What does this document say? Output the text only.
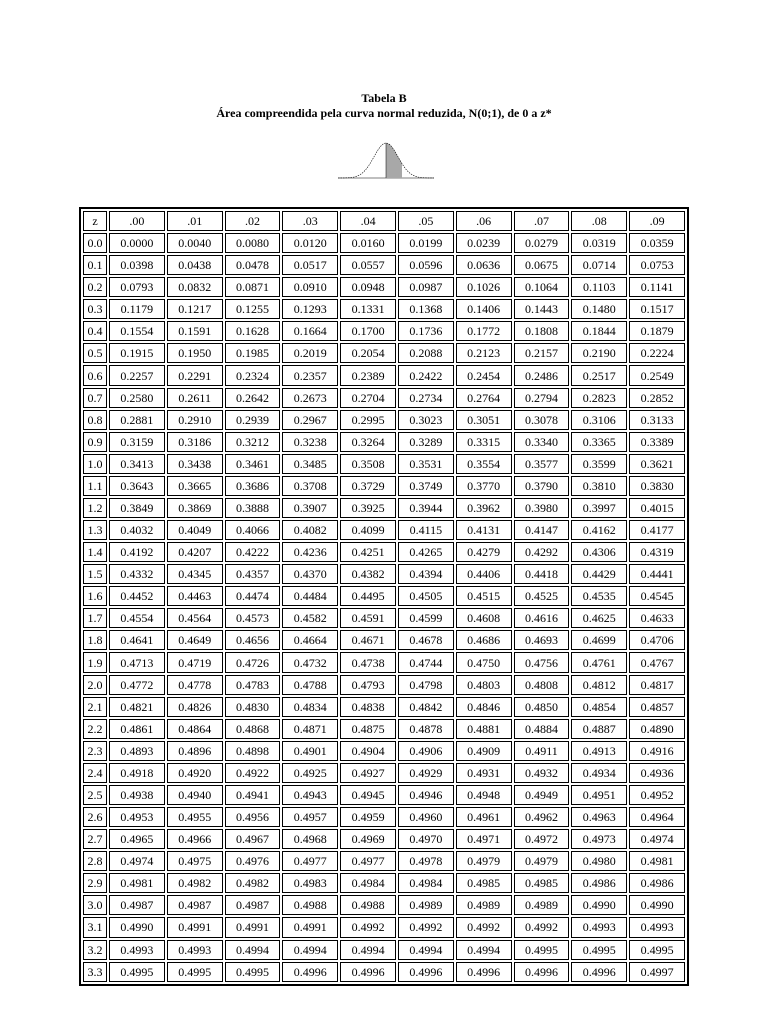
Tabela B
Área compreendida pela curva normal reduzida, N(0;1), de 0 a z*
z	.00	.01	.02	.03	.04	.05	.06	.07	.08	.09
0.0	0.0000	0.0040	0.0080	0.0120	0.0160	0.0199	0.0239	0.0279	0.0319	0.0359
0.1	0.0398	0.0438	0.0478	0.0517	0.0557	0.0596	0.0636	0.0675	0.0714	0.0753
0.2	0.0793	0.0832	0.0871	0.0910	0.0948	0.0987	0.1026	0.1064	0.1103	0.1141
0.3	0.1179	0.1217	0.1255	0.1293	0.1331	0.1368	0.1406	0.1443	0.1480	0.1517
0.4	0.1554	0.1591	0.1628	0.1664	0.1700	0.1736	0.1772	0.1808	0.1844	0.1879
0.5	0.1915	0.1950	0.1985	0.2019	0.2054	0.2088	0.2123	0.2157	0.2190	0.2224
0.6	0.2257	0.2291	0.2324	0.2357	0.2389	0.2422	0.2454	0.2486	0.2517	0.2549
0.7	0.2580	0.2611	0.2642	0.2673	0.2704	0.2734	0.2764	0.2794	0.2823	0.2852
0.8	0.2881	0.2910	0.2939	0.2967	0.2995	0.3023	0.3051	0.3078	0.3106	0.3133
0.9	0.3159	0.3186	0.3212	0.3238	0.3264	0.3289	0.3315	0.3340	0.3365	0.3389
1.0	0.3413	0.3438	0.3461	0.3485	0.3508	0.3531	0.3554	0.3577	0.3599	0.3621
1.1	0.3643	0.3665	0.3686	0.3708	0.3729	0.3749	0.3770	0.3790	0.3810	0.3830
1.2	0.3849	0.3869	0.3888	0.3907	0.3925	0.3944	0.3962	0.3980	0.3997	0.4015
1.3	0.4032	0.4049	0.4066	0.4082	0.4099	0.4115	0.4131	0.4147	0.4162	0.4177
1.4	0.4192	0.4207	0.4222	0.4236	0.4251	0.4265	0.4279	0.4292	0.4306	0.4319
1.5	0.4332	0.4345	0.4357	0.4370	0.4382	0.4394	0.4406	0.4418	0.4429	0.4441
1.6	0.4452	0.4463	0.4474	0.4484	0.4495	0.4505	0.4515	0.4525	0.4535	0.4545
1.7	0.4554	0.4564	0.4573	0.4582	0.4591	0.4599	0.4608	0.4616	0.4625	0.4633
1.8	0.4641	0.4649	0.4656	0.4664	0.4671	0.4678	0.4686	0.4693	0.4699	0.4706
1.9	0.4713	0.4719	0.4726	0.4732	0.4738	0.4744	0.4750	0.4756	0.4761	0.4767
2.0	0.4772	0.4778	0.4783	0.4788	0.4793	0.4798	0.4803	0.4808	0.4812	0.4817
2.1	0.4821	0.4826	0.4830	0.4834	0.4838	0.4842	0.4846	0.4850	0.4854	0.4857
2.2	0.4861	0.4864	0.4868	0.4871	0.4875	0.4878	0.4881	0.4884	0.4887	0.4890
2.3	0.4893	0.4896	0.4898	0.4901	0.4904	0.4906	0.4909	0.4911	0.4913	0.4916
2.4	0.4918	0.4920	0.4922	0.4925	0.4927	0.4929	0.4931	0.4932	0.4934	0.4936
2.5	0.4938	0.4940	0.4941	0.4943	0.4945	0.4946	0.4948	0.4949	0.4951	0.4952
2.6	0.4953	0.4955	0.4956	0.4957	0.4959	0.4960	0.4961	0.4962	0.4963	0.4964
2.7	0.4965	0.4966	0.4967	0.4968	0.4969	0.4970	0.4971	0.4972	0.4973	0.4974
2.8	0.4974	0.4975	0.4976	0.4977	0.4977	0.4978	0.4979	0.4979	0.4980	0.4981
2.9	0.4981	0.4982	0.4982	0.4983	0.4984	0.4984	0.4985	0.4985	0.4986	0.4986
3.0	0.4987	0.4987	0.4987	0.4988	0.4988	0.4989	0.4989	0.4989	0.4990	0.4990
3.1	0.4990	0.4991	0.4991	0.4991	0.4992	0.4992	0.4992	0.4992	0.4993	0.4993
3.2	0.4993	0.4993	0.4994	0.4994	0.4994	0.4994	0.4994	0.4995	0.4995	0.4995
3.3	0.4995	0.4995	0.4995	0.4996	0.4996	0.4996	0.4996	0.4996	0.4996	0.4997
